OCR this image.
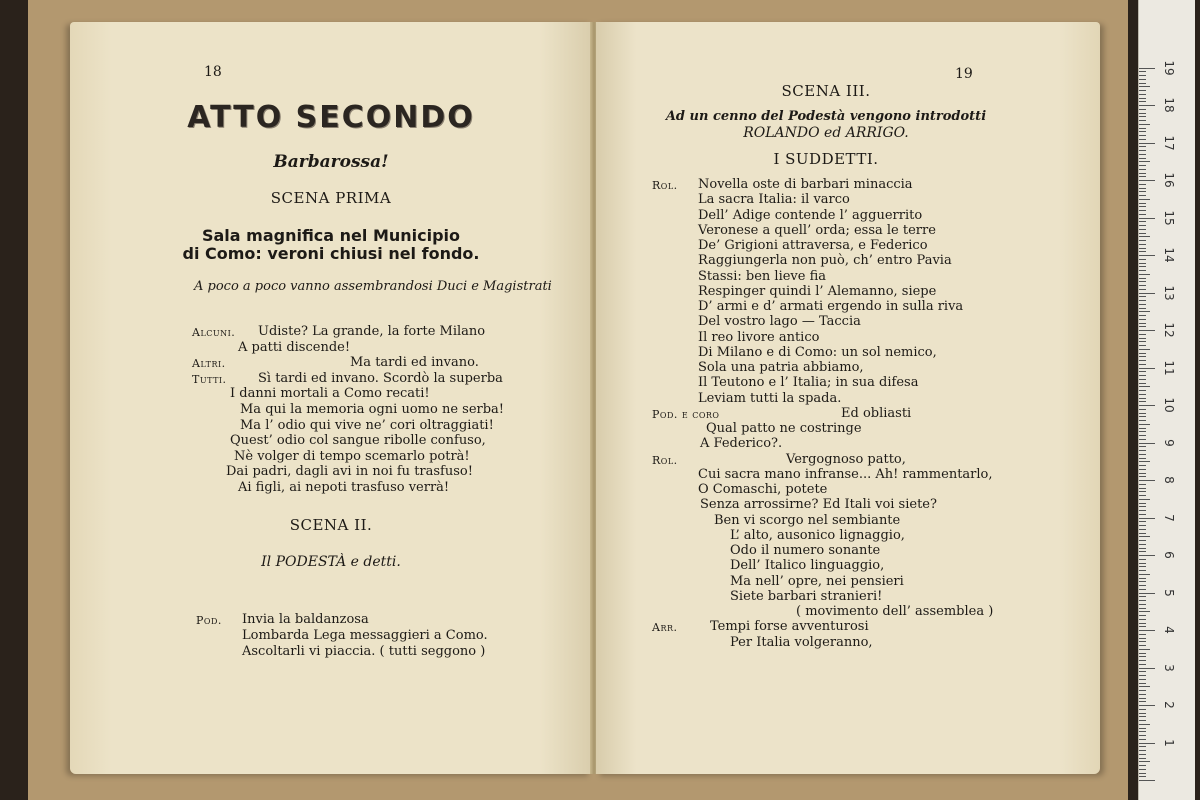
18
ATTO SECONDO
Barbarossa!
SCENA PRIMA
Sala magnifica nel Municipio
di Como: veroni chiusi nel fondo.
A poco a poco vanno assembrandosi Duci e Magistrati
Alcuni. Udiste? La grande, la forte Milano
A patti discende!
Altri.	Ma tardi ed invano.
Tutti. Sì tardi ed invano. Scordò la superba
I danni mortali a Como recati!
Ma qui la memoria ogni uomo ne serba!
Ma l’ odio qui vive ne’ cori oltraggiati!
Quest’ odio col sangue ribolle confuso,
Nè volger di tempo scemarlo potrà!
Dai padri, dagli avi in noi fu trasfuso!
Ai figli, ai nepoti trasfuso verrà!
SCENA II.
Il PODESTÀ e detti.
Pod. Invia la baldanzosa
Lombarda Lega messaggieri a Como.
Ascoltarli vi piaccia. ( tutti seggono )
19
SCENA III.
Ad un cenno del Podestà vengono introdotti
ROLANDO ed ARRIGO.
I SUDDETTI.
Rol. Novella oste di barbari minaccia
La sacra Italia: il varco
Dell’ Adige contende l’ agguerrito
Veronese a quell’ orda; essa le terre
De’ Grigioni attraversa, e Federico
Raggiungerla non può, ch’ entro Pavia
Stassi: ben lieve fia
Respinger quindi l’ Alemanno, siepe
D’ armi e d’ armati ergendo in sulla riva
Del vostro lago — Taccia
Il reo livore antico
Di Milano e di Como: un sol nemico,
Sola una patria abbiamo,
Il Teutono e l’ Italia; in sua difesa
Leviam tutti la spada.
Pod. e coro	Ed obliasti
Qual patto ne costringe
A Federico?.
Rol.	Vergognoso patto,
Cui sacra mano infranse... Ah! rammentarlo,
O Comaschi, potete
Senza arrossirne? Ed Itali voi siete?
Ben vi scorgo nel sembiante
L’ alto, ausonico lignaggio,
Odo il numero sonante
Dell’ Italico linguaggio,
Ma nell’ opre, nei pensieri
Siete barbari stranieri!
( movimento dell’ assemblea )
Arr.	Tempi forse avventurosi
Per Italia volgeranno,
1
2
3
4
5
6
7
8
9
10
11
12
13
14
15
16
17
18
19
